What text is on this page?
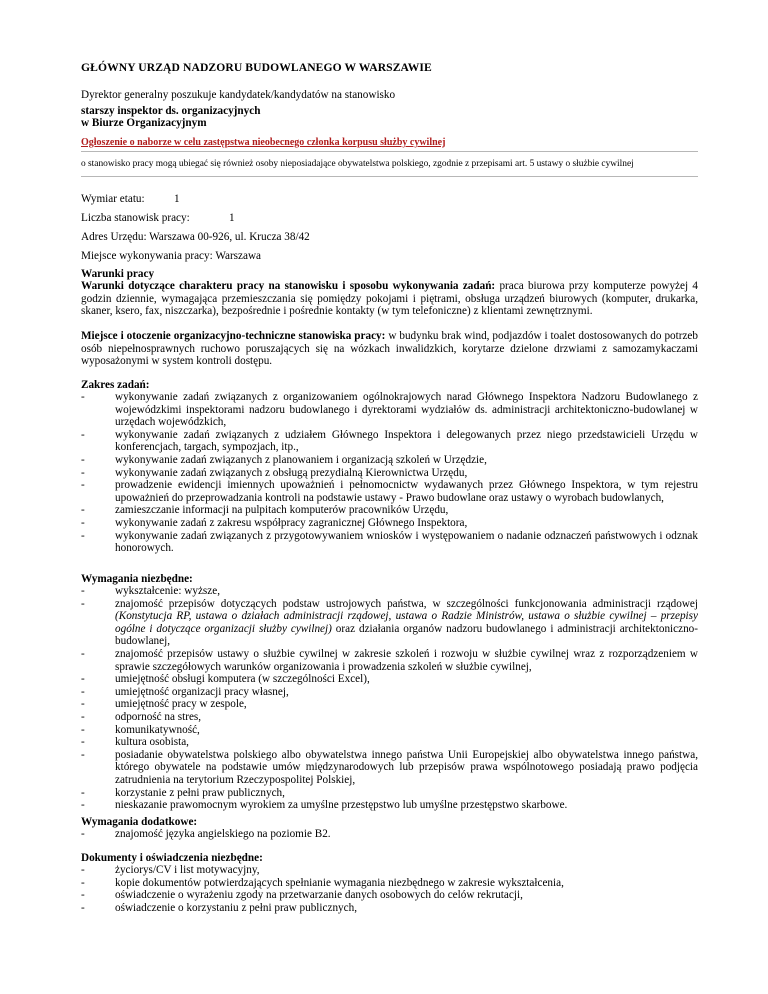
GŁÓWNY URZĄD NADZORU BUDOWLANEGO W WARSZAWIE
Dyrektor generalny poszukuje kandydatek/kandydatów na stanowisko
starszy inspektor ds. organizacyjnych
w Biurze Organizacyjnym
Ogłoszenie o naborze w celu zastępstwa nieobecnego członka korpusu służby cywilnej
o stanowisko pracy mogą ubiegać się również osoby nieposiadające obywatelstwa polskiego, zgodnie z przepisami art. 5 ustawy o służbie cywilnej
Wymiar etatu:	1
Liczba stanowisk pracy:	1
Adres Urzędu: Warszawa 00-926, ul. Krucza 38/42
Miejsce wykonywania pracy: Warszawa
Warunki pracy
Warunki dotyczące charakteru pracy na stanowisku i sposobu wykonywania zadań: praca biurowa przy komputerze powyżej 4 godzin dziennie, wymagająca przemieszczania się pomiędzy pokojami i piętrami, obsługa urządzeń biurowych (komputer, drukarka, skaner, ksero, fax, niszczarka), bezpośrednie i pośrednie kontakty (w tym telefoniczne) z klientami zewnętrznymi.
Miejsce i otoczenie organizacyjno-techniczne stanowiska pracy: w budynku brak wind, podjazdów i toalet dostosowanych do potrzeb osób niepełnosprawnych ruchowo poruszających się na wózkach inwalidzkich, korytarze dzielone drzwiami z samozamykaczami wyposażonymi w system kontroli dostępu.
Zakres zadań:
- wykonywanie zadań związanych z organizowaniem ogólnokrajowych narad Głównego Inspektora Nadzoru Budowlanego z wojewódzkimi inspektorami nadzoru budowlanego i dyrektorami wydziałów ds. administracji architektoniczno-budowlanej w urzędach wojewódzkich,
- wykonywanie zadań związanych z udziałem Głównego Inspektora i delegowanych przez niego przedstawicieli Urzędu w konferencjach, targach, sympozjach, itp.,
- wykonywanie zadań związanych z planowaniem i organizacją szkoleń w Urzędzie,
- wykonywanie zadań związanych z obsługą prezydialną Kierownictwa Urzędu,
- prowadzenie ewidencji imiennych upoważnień i pełnomocnictw wydawanych przez Głównego Inspektora, w tym rejestru upoważnień do przeprowadzania kontroli na podstawie ustawy - Prawo budowlane oraz ustawy o wyrobach budowlanych,
- zamieszczanie informacji na pulpitach komputerów pracowników Urzędu,
- wykonywanie zadań z zakresu współpracy zagranicznej Głównego Inspektora,
- wykonywanie zadań związanych z przygotowywaniem wniosków i występowaniem o nadanie odznaczeń państwowych i odznak honorowych.
Wymagania niezbędne:
- wykształcenie: wyższe,
- znajomość przepisów dotyczących podstaw ustrojowych państwa, w szczególności funkcjonowania administracji rządowej (Konstytucja RP, ustawa o działach administracji rządowej, ustawa o Radzie Ministrów, ustawa o służbie cywilnej – przepisy ogólne i dotyczące organizacji służby cywilnej) oraz działania organów nadzoru budowlanego i administracji architektoniczno-budowlanej,
- znajomość przepisów ustawy o służbie cywilnej w zakresie szkoleń i rozwoju w służbie cywilnej wraz z rozporządzeniem w sprawie szczegółowych warunków organizowania i prowadzenia szkoleń w służbie cywilnej,
- umiejętność obsługi komputera (w szczególności Excel),
- umiejętność organizacji pracy własnej,
- umiejętność pracy w zespole,
- odporność na stres,
- komunikatywność,
- kultura osobista,
- posiadanie obywatelstwa polskiego albo obywatelstwa innego państwa Unii Europejskiej albo obywatelstwa innego państwa, którego obywatele na podstawie umów międzynarodowych lub przepisów prawa wspólnotowego posiadają prawo podjęcia zatrudnienia na terytorium Rzeczypospolitej Polskiej,
- korzystanie z pełni praw publicznych,
- nieskazanie prawomocnym wyrokiem za umyślne przestępstwo lub umyślne przestępstwo skarbowe.
Wymagania dodatkowe:
- znajomość języka angielskiego na poziomie B2.
Dokumenty i oświadczenia niezbędne:
- życiorys/CV i list motywacyjny,
- kopie dokumentów potwierdzających spełnianie wymagania niezbędnego w zakresie wykształcenia,
- oświadczenie o wyrażeniu zgody na przetwarzanie danych osobowych do celów rekrutacji,
- oświadczenie o korzystaniu z pełni praw publicznych,
